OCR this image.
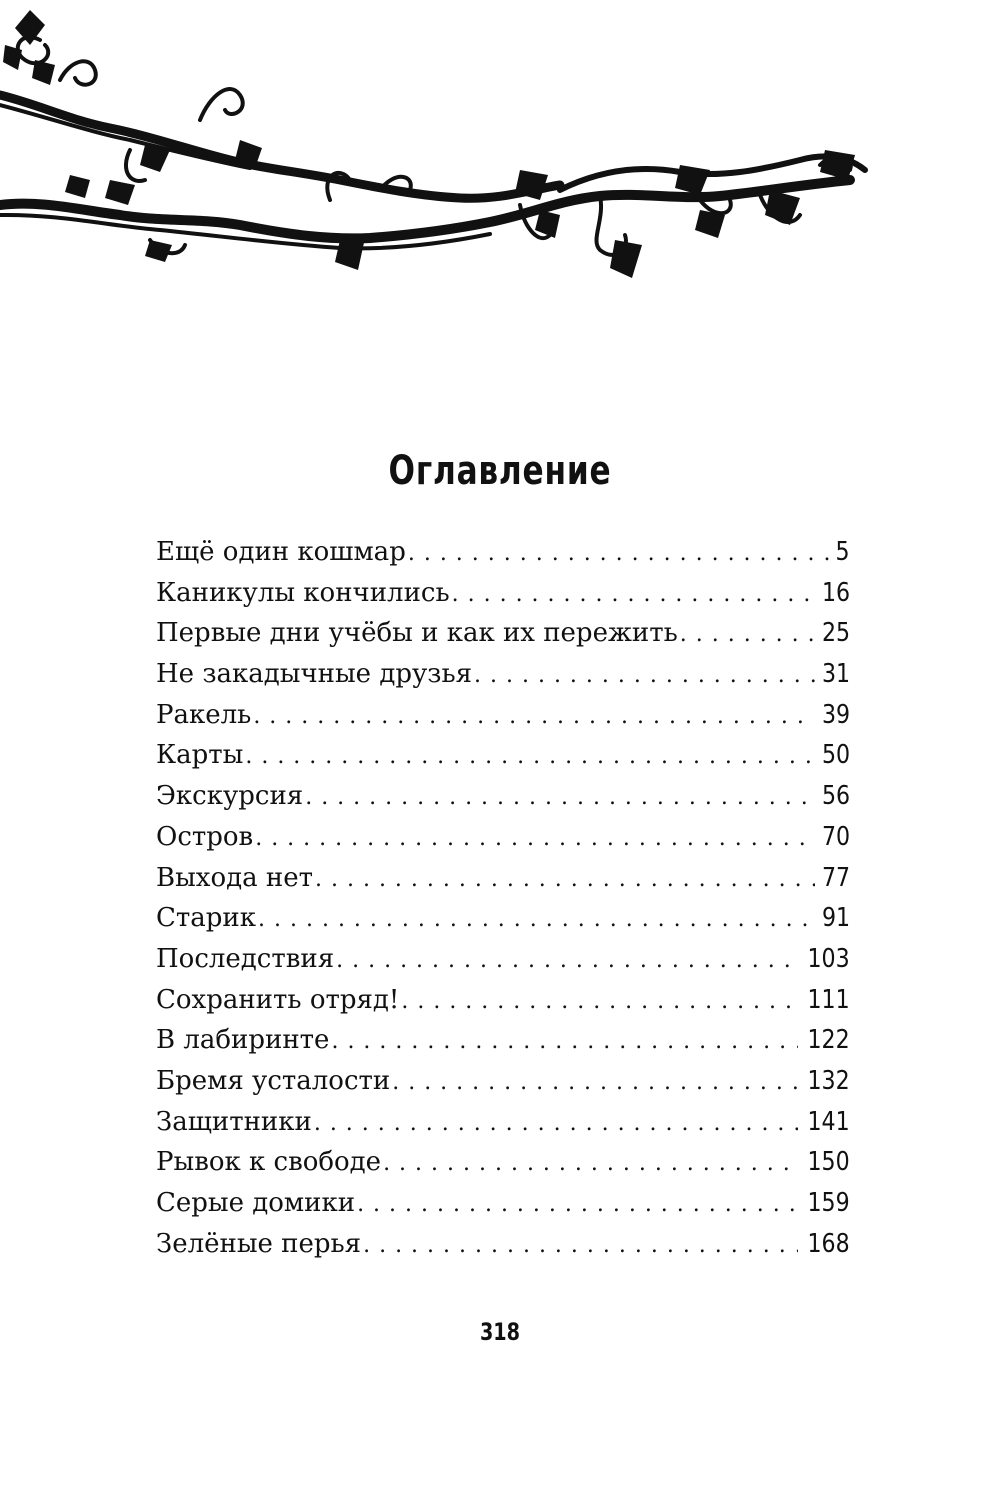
Оглавление
Ещё один кошмар . . .	5
Каникулы кончились . . .	16
Первые дни учёбы и как их пережить . . .	25
Не закадычные друзья . . .	31
Ракель . . .	39
Карты . . .	50
Экскурсия . . .	56
Остров . . .	70
Выхода нет . . .	77
Старик . . .	91
Последствия . . .	103
Сохранить отряд! . . .	111
В лабиринте . . .	122
Бремя усталости . . .	132
Защитники . . .	141
Рывок к свободе . . .	150
Серые домики . . .	159
Зелёные перья . . .	168
318
